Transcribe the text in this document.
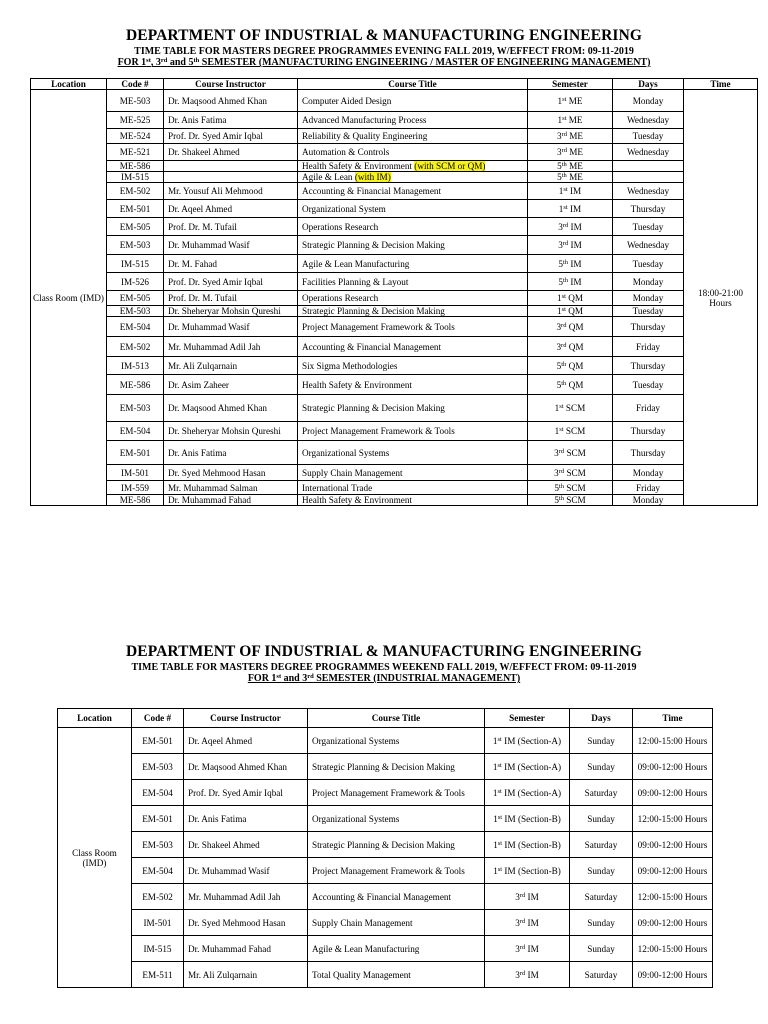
DEPARTMENT OF INDUSTRIAL & MANUFACTURING ENGINEERING
TIME TABLE FOR MASTERS DEGREE PROGRAMMES EVENING FALL 2019, W/EFFECT FROM: 09-11-2019
FOR 1st, 3rd and 5th SEMESTER (MANUFACTURING ENGINEERING / MASTER OF ENGINEERING MANAGEMENT)
Location	Code #	Course Instructor	Course Title	Semester	Days	Time
Class Room (IMD)	ME-503	Dr. Maqsood Ahmed Khan	Computer Aided Design	1st ME	Monday	18:00-21:00 Hours
	ME-525	Dr. Anis Fatima	Advanced Manufacturing Process	1st ME	Wednesday	
	ME-524	Prof. Dr. Syed Amir Iqbal	Reliability & Quality Engineering	3rd ME	Tuesday	
	ME-521	Dr. Shakeel Ahmed	Automation & Controls	3rd ME	Wednesday	
	ME-586		Health Safety & Environment (with SCM or QM)	5th ME		
	IM-515		Agile & Lean (with IM)	5th ME		
	EM-502	Mr. Yousuf Ali Mehmood	Accounting & Financial Management	1st IM	Wednesday	
	EM-501	Dr. Aqeel Ahmed	Organizational System	1st IM	Thursday	
	EM-505	Prof. Dr. M. Tufail	Operations Research	3rd IM	Tuesday	
	EM-503	Dr. Muhammad Wasif	Strategic Planning & Decision Making	3rd IM	Wednesday	
	IM-515	Dr. M. Fahad	Agile & Lean Manufacturing	5th IM	Tuesday	
	IM-526	Prof. Dr. Syed Amir Iqbal	Facilities Planning & Layout	5th IM	Monday	
	EM-505	Prof. Dr. M. Tufail	Operations Research	1st QM	Monday	
	EM-503	Dr. Sheheryar Mohsin Qureshi	Strategic Planning & Decision Making	1st QM	Tuesday	
	EM-504	Dr. Muhammad Wasif	Project Management Framework & Tools	3rd QM	Thursday	
	EM-502	Mr. Muhammad Adil Jah	Accounting & Financial Management	3rd QM	Friday	
	IM-513	Mr. Ali Zulqarnain	Six Sigma Methodologies	5th QM	Thursday	
	ME-586	Dr. Asim Zaheer	Health Safety & Environment	5th QM	Tuesday	
	EM-503	Dr. Maqsood Ahmed Khan	Strategic Planning & Decision Making	1st SCM	Friday	
	EM-504	Dr. Sheheryar Mohsin Qureshi	Project Management Framework & Tools	1st SCM	Thursday	
	EM-501	Dr. Anis Fatima	Organizational Systems	3rd SCM	Thursday	
	IM-501	Dr. Syed Mehmood Hasan	Supply Chain Management	3rd SCM	Monday	
	IM-559	Mr. Muhammad Salman	International Trade	5th SCM	Friday	
	ME-586	Dr. Muhammad Fahad	Health Safety & Environment	5th SCM	Monday	
DEPARTMENT OF INDUSTRIAL & MANUFACTURING ENGINEERING
TIME TABLE FOR MASTERS DEGREE PROGRAMMES WEEKEND FALL 2019, W/EFFECT FROM: 09-11-2019
FOR 1st and 3rd SEMESTER (INDUSTRIAL MANAGEMENT)
Location	Code #	Course Instructor	Course Title	Semester	Days	Time
Class Room (IMD)	EM-501	Dr. Aqeel Ahmed	Organizational Systems	1st IM (Section-A)	Sunday	12:00-15:00 Hours
	EM-503	Dr. Maqsood Ahmed Khan	Strategic Planning & Decision Making	1st IM (Section-A)	Sunday	09:00-12:00 Hours
	EM-504	Prof. Dr. Syed Amir Iqbal	Project Management Framework & Tools	1st IM (Section-A)	Saturday	09:00-12:00 Hours
	EM-501	Dr. Anis Fatima	Organizational Systems	1st IM (Section-B)	Sunday	12:00-15:00 Hours
	EM-503	Dr. Shakeel Ahmed	Strategic Planning & Decision Making	1st IM (Section-B)	Saturday	09:00-12:00 Hours
	EM-504	Dr. Muhammad Wasif	Project Management Framework & Tools	1st IM (Section-B)	Sunday	09:00-12:00 Hours
	EM-502	Mr. Muhammad Adil Jah	Accounting & Financial Management	3rd IM	Saturday	12:00-15:00 Hours
	IM-501	Dr. Syed Mehmood Hasan	Supply Chain Management	3rd IM	Sunday	09:00-12:00 Hours
	IM-515	Dr. Muhammad Fahad	Agile & Lean Manufacturing	3rd IM	Sunday	12:00-15:00 Hours
	EM-511	Mr. Ali Zulqarnain	Total Quality Management	3rd IM	Saturday	09:00-12:00 Hours
